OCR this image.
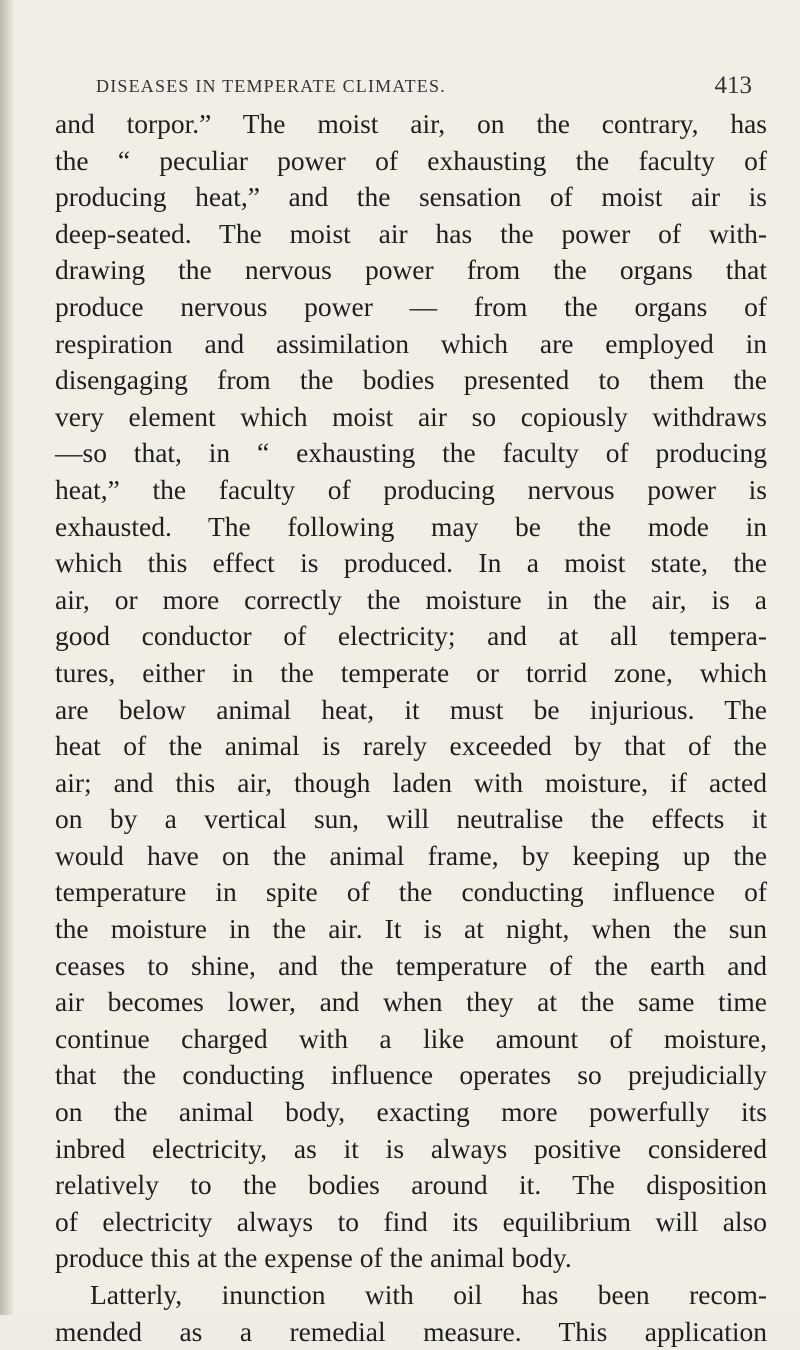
DISEASES IN TEMPERATE CLIMATES.	413
and torpor.” The moist air, on the contrary, has
the “ peculiar power of exhausting the faculty of
producing heat,” and the sensation of moist air is
deep-seated. The moist air has the power of with-
drawing the nervous power from the organs that
produce nervous power — from the organs of
respiration and assimilation which are employed in
disengaging from the bodies presented to them the
very element which moist air so copiously withdraws
—so that, in “ exhausting the faculty of producing
heat,” the faculty of producing nervous power is
exhausted. The following may be the mode in
which this effect is produced. In a moist state, the
air, or more correctly the moisture in the air, is a
good conductor of electricity; and at all tempera-
tures, either in the temperate or torrid zone, which
are below animal heat, it must be injurious. The
heat of the animal is rarely exceeded by that of the
air; and this air, though laden with moisture, if acted
on by a vertical sun, will neutralise the effects it
would have on the animal frame, by keeping up the
temperature in spite of the conducting influence of
the moisture in the air. It is at night, when the sun
ceases to shine, and the temperature of the earth and
air becomes lower, and when they at the same time
continue charged with a like amount of moisture,
that the conducting influence operates so prejudicially
on the animal body, exacting more powerfully its
inbred electricity, as it is always positive considered
relatively to the bodies around it. The disposition
of electricity always to find its equilibrium will also
produce this at the expense of the animal body.
Latterly, inunction with oil has been recom-
mended as a remedial measure. This application
